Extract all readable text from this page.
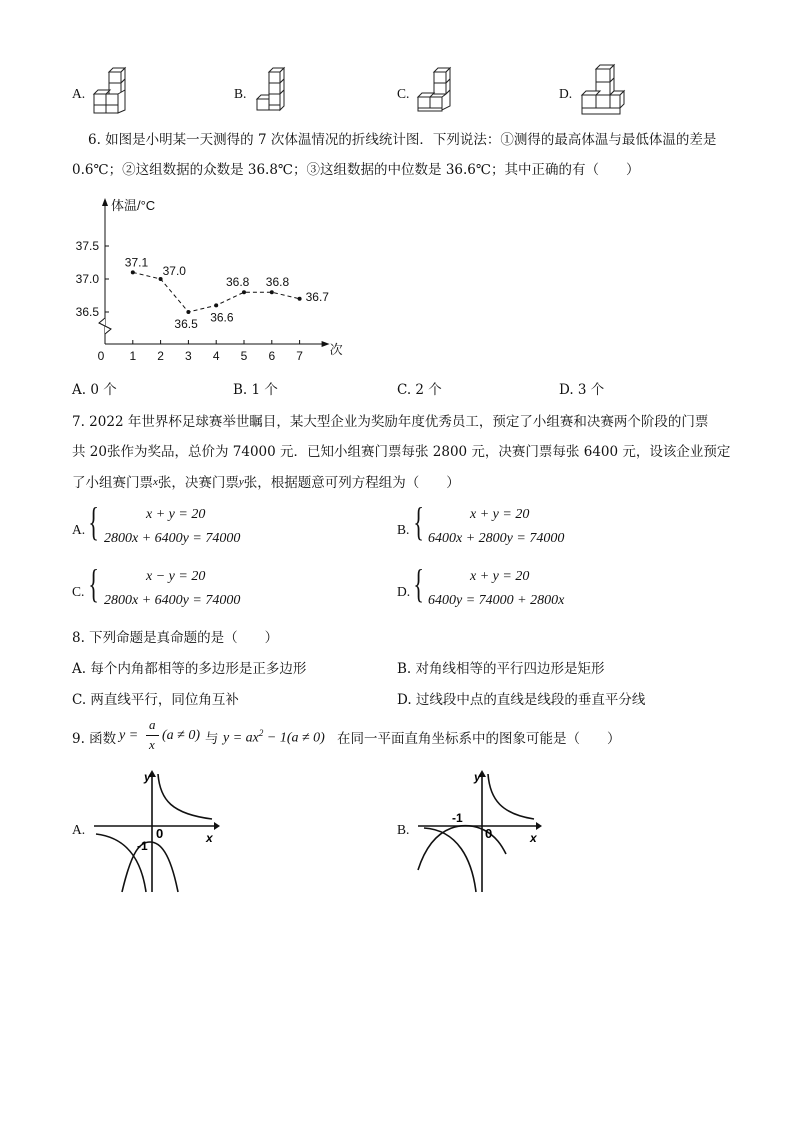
A.	B.	C.	D.
6. 如图是小明某一天测得的 7 次体温情况的折线统计图．下列说法：①测得的最高体温与最低体温的差是
0.6℃；②这组数据的众数是 36.8℃；③这组数据的中位数是 36.6℃；其中正确的有（　　）
体温/°C
次
36.5
37.0
37.5
0 1 2 3 4 5 6 7
37.1
37.0
36.5 36.6
36.8 36.8
36.7
A. 0 个	B. 1 个	C. 2 个	D. 3 个
7. 2022 年世界杯足球赛举世瞩目，某大型企业为奖励年度优秀员工，预定了小组赛和决赛两个阶段的门票
共 20张作为奖品，总价为 74000 元．已知小组赛门票每张 2800 元，决赛门票每张 6400 元，设该企业预定
了小组赛门票x张，决赛门票y张，根据题意可列方程组为（　　）
A. {	x + y = 20
2800x + 6400y = 74000
B. {	x + y = 20
6400x + 2800y = 74000
C. {	x − y = 20
2800x + 6400y = 74000
D. {	x + y = 20
6400y = 74000 + 2800x
8. 下列命题是真命题的是（　　）
A. 每个内角都相等的多边形是正多边形	B. 对角线相等的平行四边形是矩形
C. 两直线平行，同位角互补	D. 过线段中点的直线是线段的垂直平分线
9. 函数 y =
a
x
(a ≠ 0) 与 $y = ax^2 - 1(a \ne 0)$ 在同一平面直角坐标系中的图象可能是（　　）
A.
y
x
0
-1
B.
y
x
0
-1
